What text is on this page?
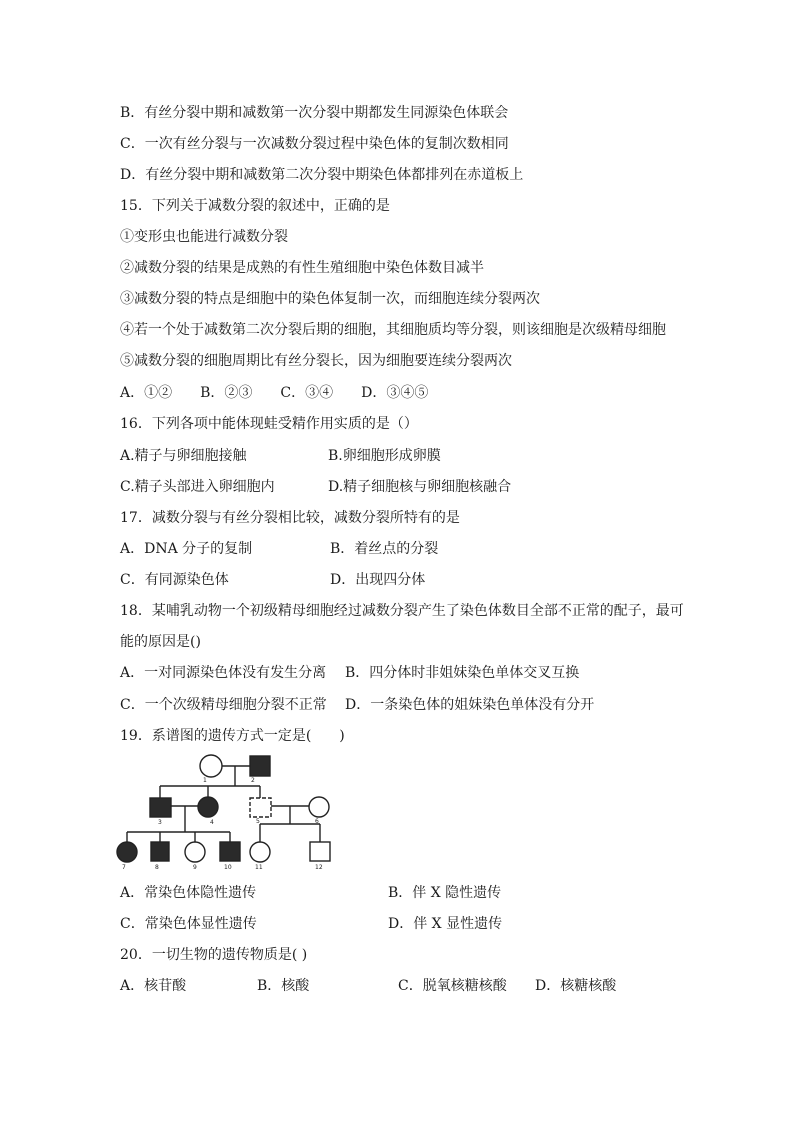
B．有丝分裂中期和减数第一次分裂中期都发生同源染色体联会
C．一次有丝分裂与一次减数分裂过程中染色体的复制次数相同
D．有丝分裂中期和减数第二次分裂中期染色体都排列在赤道板上
15．下列关于减数分裂的叙述中，正确的是
①变形虫也能进行减数分裂
②减数分裂的结果是成熟的有性生殖细胞中染色体数目减半
③减数分裂的特点是细胞中的染色体复制一次，而细胞连续分裂两次
④若一个处于减数第二次分裂后期的细胞，其细胞质均等分裂，则该细胞是次级精母细胞
⑤减数分裂的细胞周期比有丝分裂长，因为细胞要连续分裂两次
A．①②　　B．②③　　C．③④　　D．③④⑤
16．下列各项中能体现蛙受精作用实质的是（）
A.精子与卵细胞接触	B.卵细胞形成卵膜
C.精子头部进入卵细胞内	D.精子细胞核与卵细胞核融合
17．减数分裂与有丝分裂相比较，减数分裂所特有的是
A．DNA 分子的复制	B．着丝点的分裂
C．有同源染色体	D．出现四分体
18．某哺乳动物一个初级精母细胞经过减数分裂产生了染色体数目全部不正常的配子，最可
能的原因是()
A．一对同源染色体没有发生分离 B．四分体时非姐妹染色单体交叉互换
C．一个次级精母细胞分裂不正常 D．一条染色体的姐妹染色单体没有分开
19．系谱图的遗传方式一定是(　　)
1	2
3	4	5	6
7	8	9	10	11	12
A．常染色体隐性遗传	B．伴 X 隐性遗传
C．常染色体显性遗传	D．伴 X 显性遗传
20．一切生物的遗传物质是( )
A．核苷酸	B．核酸	C．脱氧核糖核酸 D．核糖核酸
